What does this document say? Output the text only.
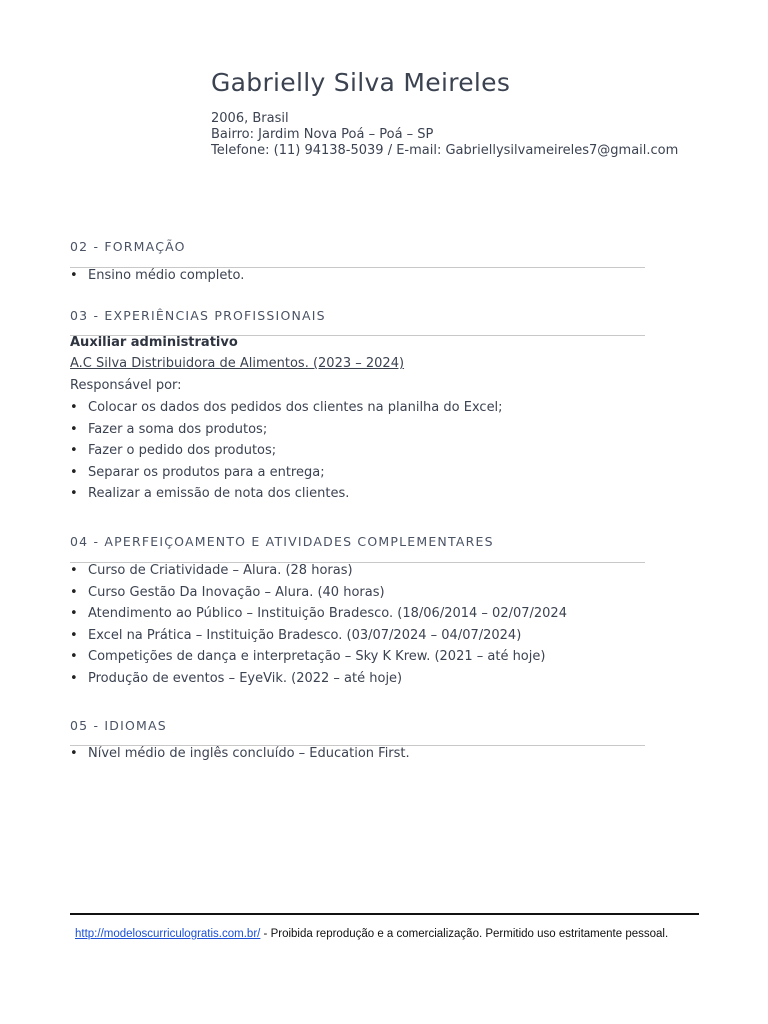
Gabrielly Silva Meireles
2006, Brasil
Bairro: Jardim Nova Poá – Poá – SP
Telefone: (11) 94138-5039 / E-mail: Gabriellysilvameireles7@gmail.com
02 - FORMAÇÃO
• Ensino médio completo.
03 - EXPERIÊNCIAS PROFISSIONAIS
Auxiliar administrativo
A.C Silva Distribuidora de Alimentos. (2023 – 2024)
Responsável por:
• Colocar os dados dos pedidos dos clientes na planilha do Excel;
• Fazer a soma dos produtos;
• Fazer o pedido dos produtos;
• Separar os produtos para a entrega;
• Realizar a emissão de nota dos clientes.
04 - APERFEIÇOAMENTO E ATIVIDADES COMPLEMENTARES
• Curso de Criatividade – Alura. (28 horas)
• Curso Gestão Da Inovação – Alura. (40 horas)
• Atendimento ao Público – Instituição Bradesco. (18/06/2014 – 02/07/2024
• Excel na Prática – Instituição Bradesco. (03/07/2024 – 04/07/2024)
• Competições de dança e interpretação – Sky K Krew. (2021 – até hoje)
• Produção de eventos – EyeVik. (2022 – até hoje)
05 - IDIOMAS
• Nível médio de inglês concluído – Education First.
http://modeloscurriculogratis.com.br/ - Proibida reprodução e a comercialização. Permitido uso estritamente pessoal.
